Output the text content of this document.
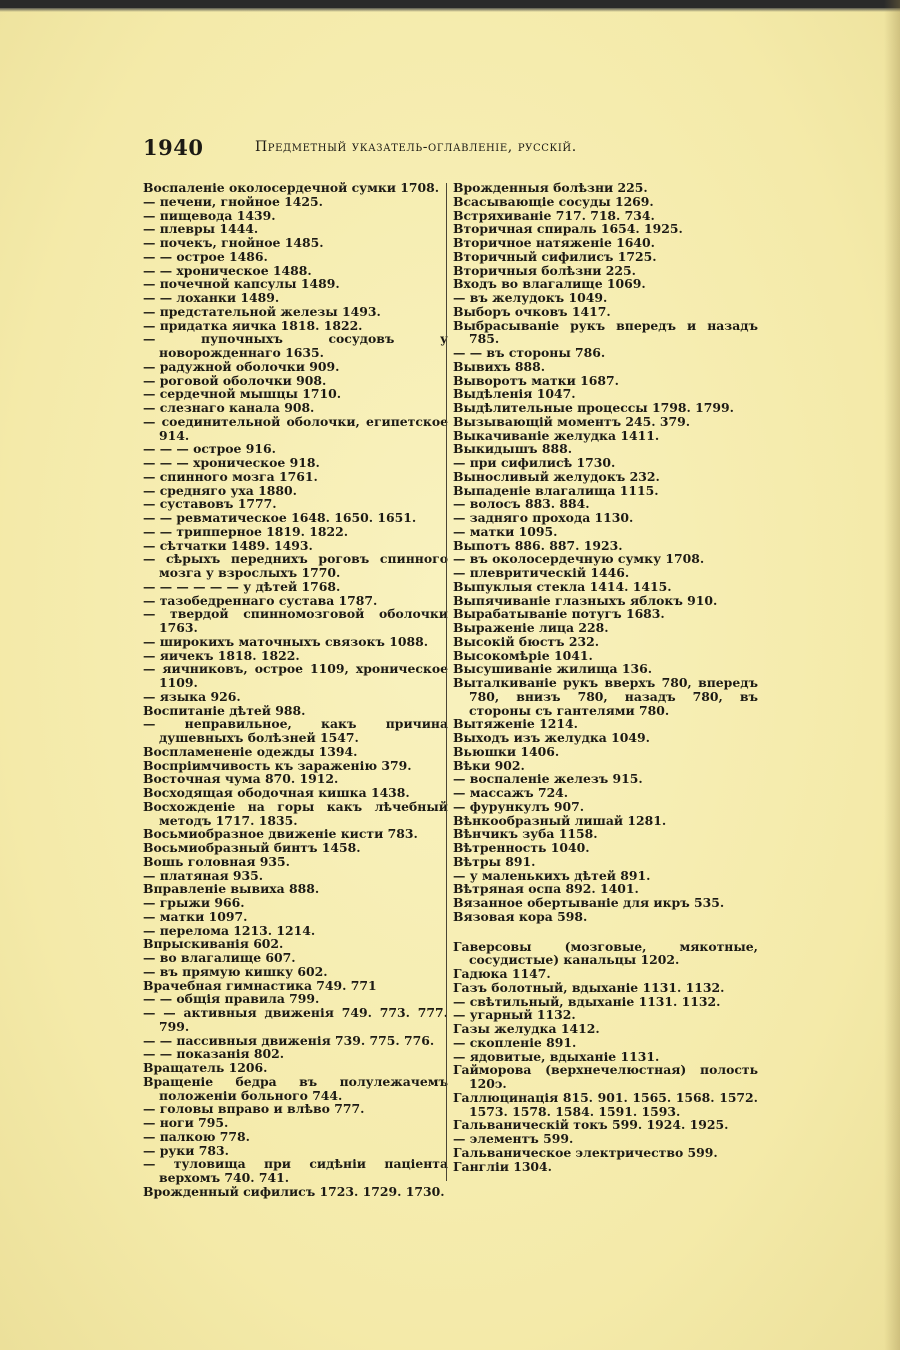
1940	Предметный указатель-оглавленіе, русскій.
Воспаленіе околосердечной сумки 1708.
— печени, гнойное 1425.
— пищевода 1439.
— плевры 1444.
— почекъ, гнойное 1485.
— — острое 1486.
— — хроническое 1488.
— почечной капсулы 1489.
— — лоханки 1489.
— предстательной железы 1493.
— придатка яичка 1818. 1822.
— пупочныхъ сосудовъ у новорожденнаго 1635.
— радужной оболочки 909.
— роговой оболочки 908.
— сердечной мышцы 1710.
— слезнаго канала 908.
— соединительной оболочки, египетское 914.
— — — острое 916.
— — — хроническое 918.
— спинного мозга 1761.
— средняго уха 1880.
— суставовъ 1777.
— — ревматическое 1648. 1650. 1651.
— — трипперное 1819. 1822.
— сѣтчатки 1489. 1493.
— сѣрыхъ переднихъ роговъ спинного мозга у взрослыхъ 1770.
— — — — — — у дѣтей 1768.
— тазобедреннаго сустава 1787.
— твердой спинномозговой оболочки 1763.
— широкихъ маточныхъ связокъ 1088.
— яичекъ 1818. 1822.
— яичниковъ, острое 1109, хроническое 1109.
— языка 926.
Воспитаніе дѣтей 988.
— неправильное, какъ причина душевныхъ болѣзней 1547.
Воспламененіе одежды 1394.
Воспріимчивость къ зараженію 379.
Восточная чума 870. 1912.
Восходящая ободочная кишка 1438.
Восхожденіе на горы какъ лѣчебный методъ 1717. 1835.
Восьмиобразное движеніе кисти 783.
Восьмиобразный бинтъ 1458.
Вошь головная 935.
— платяная 935.
Вправленіе вывиха 888.
— грыжи 966.
— матки 1097.
— перелома 1213. 1214.
Впрыскиванія 602.
— во влагалище 607.
— въ прямую кишку 602.
Врачебная гимнастика 749. 771
— — общія правила 799.
— — активныя движенія 749. 773. 777. 799.
— — пассивныя движенія 739. 775. 776.
— — показанія 802.
Вращатель 1206.
Вращеніе бедра въ полулежачемъ положеніи больного 744.
— головы вправо и влѣво 777.
— ноги 795.
— палкою 778.
— руки 783.
— туловища при сидѣніи паціента верхомъ 740. 741.
Врожденный сифилисъ 1723. 1729. 1730.
Врожденныя болѣзни 225.
Всасывающіе сосуды 1269.
Встряхиваніе 717. 718. 734.
Вторичная спираль 1654. 1925.
Вторичное натяженіе 1640.
Вторичный сифилисъ 1725.
Вторичныя болѣзни 225.
Входъ во влагалище 1069.
— въ желудокъ 1049.
Выборъ очковъ 1417.
Выбрасываніе рукъ впередъ и назадъ 785.
— — въ стороны 786.
Вывихъ 888.
Выворотъ матки 1687.
Выдѣленія 1047.
Выдѣлительные процессы 1798. 1799.
Вызывающій моментъ 245. 379.
Выкачиваніе желудка 1411.
Выкидышъ 888.
— при сифилисѣ 1730.
Выносливый желудокъ 232.
Выпаденіе влагалища 1115.
— волосъ 883. 884.
— задняго прохода 1130.
— матки 1095.
Выпотъ 886. 887. 1923.
— въ околосердечную сумку 1708.
— плевритическій 1446.
Выпуклыя стекла 1414. 1415.
Выпячиваніе глазныхъ яблокъ 910.
Вырабатываніе потугъ 1683.
Выраженіе лица 228.
Высокій бюстъ 232.
Высокомѣріе 1041.
Высушиваніе жилища 136.
Выталкиваніе рукъ вверхъ 780, впередъ 780, внизъ 780, назадъ 780, въ стороны съ гантелями 780.
Вытяженіе 1214.
Выходъ изъ желудка 1049.
Вьюшки 1406.
Вѣки 902.
— воспаленіе железъ 915.
— массажъ 724.
— фурункулъ 907.
Вѣнкообразный лишай 1281.
Вѣнчикъ зуба 1158.
Вѣтренность 1040.
Вѣтры 891.
— у маленькихъ дѣтей 891.
Вѣтряная оспа 892. 1401.
Вязанное обертываніе для икръ 535.
Вязовая кора 598.
Гаверсовы (мозговые, мякотные, сосудистые) канальцы 1202.
Гадюка 1147.
Газъ болотный, вдыханіе 1131. 1132.
— свѣтильный, вдыханіе 1131. 1132.
— угарный 1132.
Газы желудка 1412.
— скопленіе 891.
— ядовитые, вдыханіе 1131.
Гайморова (верхнечелюстная) полость 120ↄ.
Галлюцинація 815. 901. 1565. 1568. 1572. 1573. 1578. 1584. 1591. 1593.
Гальваническій токъ 599. 1924. 1925.
— элементъ 599.
Гальваническое электричество 599.
Гангліи 1304.
